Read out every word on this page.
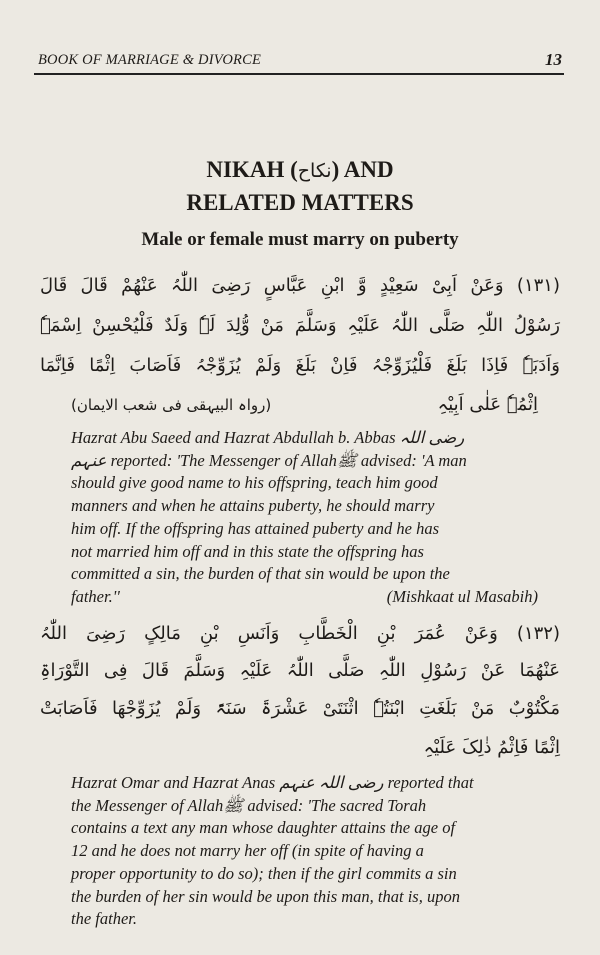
BOOK OF MARRIAGE & DIVORCE	13
NIKAH (نکاح) AND
RELATED MATTERS
Male or female must marry on puberty
(۱۳۱) وَعَنْ اَبِیْ سَعِیْدٍ وَّ ابْنِ عَبَّاسٍ رَضِیَ اللّٰہُ عَنْھُمْ قَالَ قَالَ
رَسُوْلُ اللّٰہِ صَلَّی اللّٰہُ عَلَیْہِ وَسَلَّمَ مَنْ وُّلِدَ لَہٗ وَلَدٌ فَلْیُحْسِنْ اِسْمَہٗ
وَاَدَبَہٗ فَاِذَا بَلَغَ فَلْیُزَوِّجْہُ فَاِنْ بَلَغَ وَلَمْ یُزَوِّجْہُ فَاَصَابَ اِثْمًا فَاِنَّمَا
اِثْمُہٗ عَلٰی اَبِیْہِ
(رواہ البیہقی فی شعب الایمان)

Hazrat Abu Saeed and Hazrat Abdullah b. Abbas رضی اللہ

عنہم reported: 'The Messenger of Allahﷺ advised: 'A man

should give good name to his offspring, teach him good

manners and when he attains puberty, he should marry

him off. If the offspring has attained puberty and he has

not married him off and in this state the offspring has

committed a sin, the burden of that sin would be upon the

father.''	(Mishkaat ul Masabih)

(۱۳۲) وَعَنْ عُمَرَ بْنِ الْخَطَّابِ وَاَنَسِ بْنِ مَالِکٍ رَضِیَ اللّٰہُ
عَنْھُمَا عَنْ رَسُوْلِ اللّٰہِ صَلَّی اللّٰہُ عَلَیْہِ وَسَلَّمَ قَالَ فِی التَّوْرَاۃِ
مَکْتُوْبٌ مَنْ بَلَغَتِ ابْنَتُہٗ اثْنَتَیْ عَشْرَۃَ سَنَۃً وَلَمْ یُزَوِّجْھَا فَاَصَابَتْ
اِثْمًا فَاِثْمُ ذٰلِکَ عَلَیْہِ

Hazrat Omar and Hazrat Anas رضی اللہ عنہم reported that

the Messenger of Allahﷺ advised: 'The sacred Torah

contains a text any man whose daughter attains the age of

12 and he does not marry her off (in spite of having a

proper opportunity to do so); then if the girl commits a sin

the burden of her sin would be upon this man, that is, upon

the father.
